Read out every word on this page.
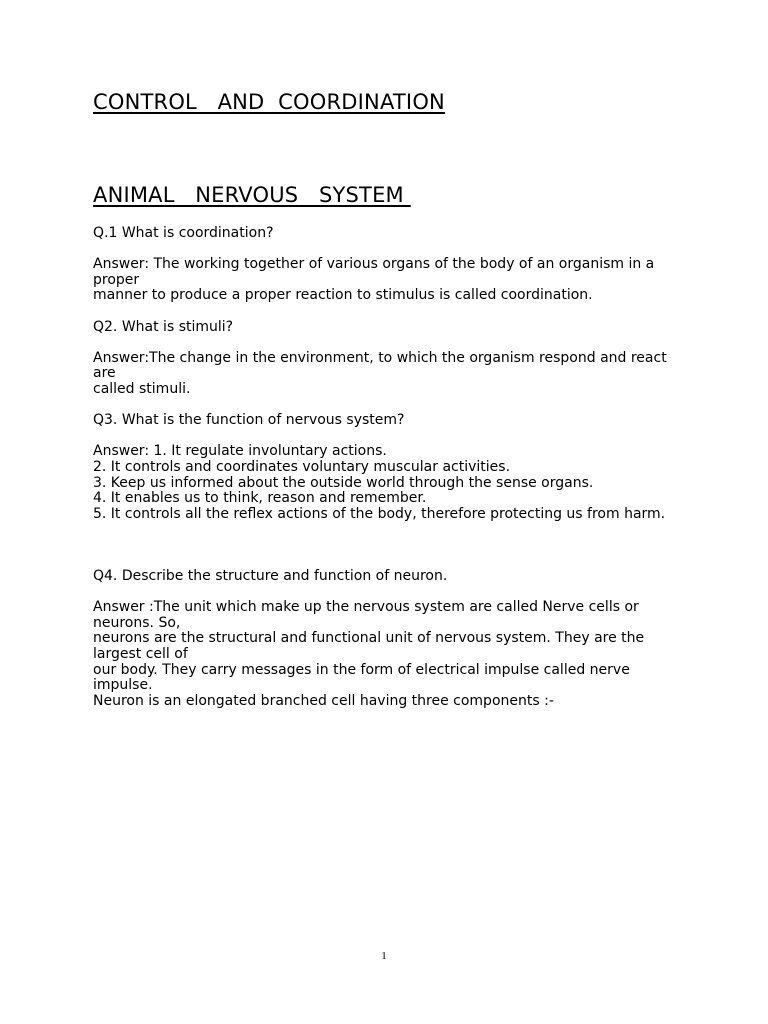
CONTROL   AND  COORDINATION
ANIMAL   NERVOUS   SYSTEM

Q.1 What is coordination?

Answer: The working together of various organs of the body of an organism in a proper

manner to produce a proper reaction to stimulus is called coordination.

Q2. What is stimuli?

Answer:The change in the environment, to which the organism respond and react are

called stimuli.

Q3. What is the function of nervous system?

Answer: 1. It regulate involuntary actions.

2. It controls and coordinates voluntary muscular activities.

3. Keep us informed about the outside world through the sense organs.

4. It enables us to think, reason and remember.

5. It controls all the reflex actions of the body, therefore protecting us from harm.

Q4. Describe the structure and function of neuron.

Answer :The unit which make up the nervous system are called Nerve cells or neurons. So,

neurons are the structural and functional unit of nervous system. They are the largest cell of

our body. They carry messages in the form of electrical impulse called nerve impulse.

Neuron is an elongated branched cell having three components :-

1
